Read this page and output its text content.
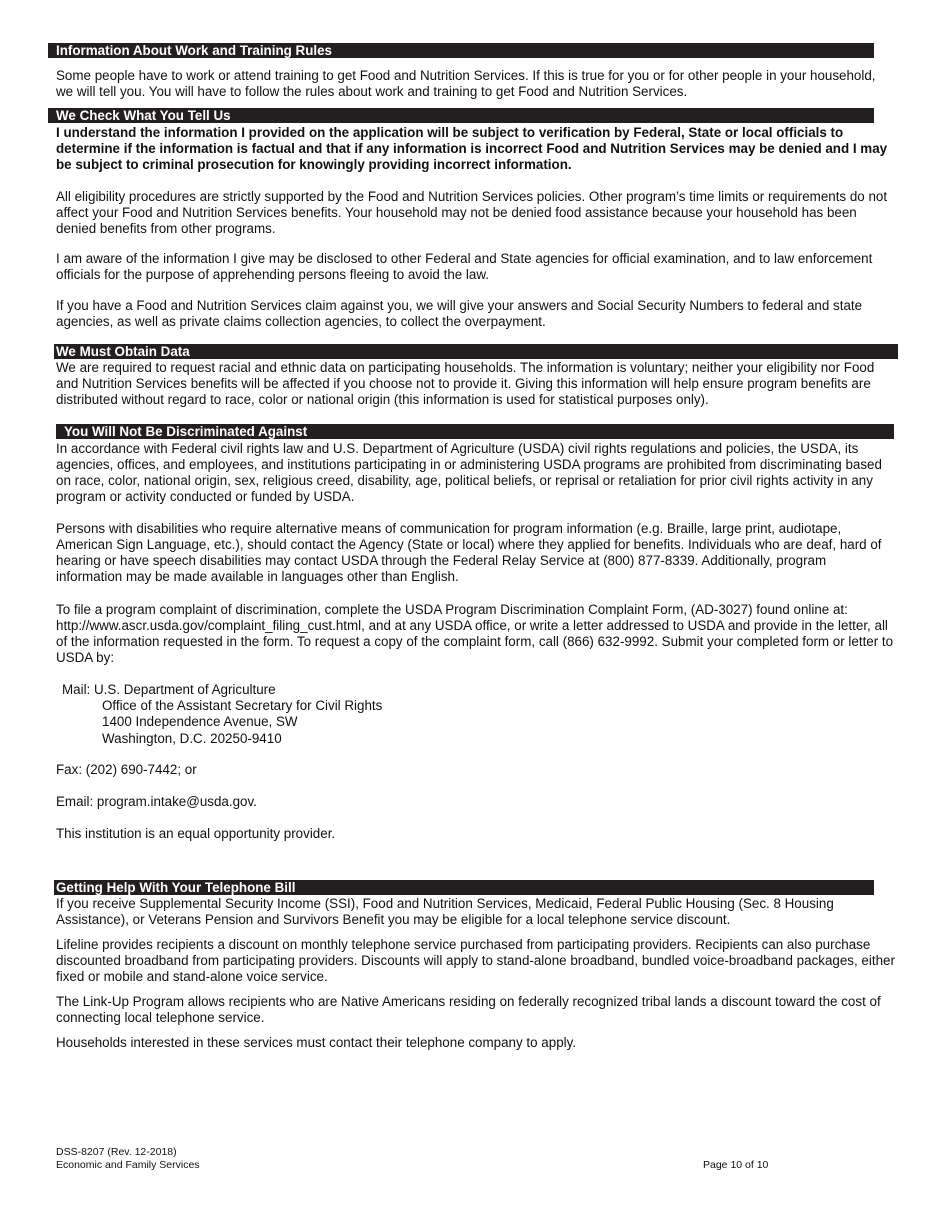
Information About Work and Training Rules

Some people have to work or attend training to get Food and Nutrition Services. If this is true for you or for other people in your household, we will tell you. You will have to follow the rules about work and training to get Food and Nutrition Services.

We Check What You Tell Us

I understand the information I provided on the application will be subject to verification by Federal, State or local officials to determine if the information is factual and that if any information is incorrect Food and Nutrition Services may be denied and I may be subject to criminal prosecution for knowingly providing incorrect information.

All eligibility procedures are strictly supported by the Food and Nutrition Services policies. Other program’s time limits or requirements do not affect your Food and Nutrition Services benefits. Your household may not be denied food assistance because your household has been denied benefits from other programs.

I am aware of the information I give may be disclosed to other Federal and State agencies for official examination, and to law enforcement officials for the purpose of apprehending persons fleeing to avoid the law.

If you have a Food and Nutrition Services claim against you, we will give your answers and Social Security Numbers to federal and state agencies, as well as private claims collection agencies, to collect the overpayment.

We Must Obtain Data

We are required to request racial and ethnic data on participating households. The information is voluntary; neither your eligibility nor Food and Nutrition Services benefits will be affected if you choose not to provide it. Giving this information will help ensure program benefits are distributed without regard to race, color or national origin (this information is used for statistical purposes only).

You Will Not Be Discriminated Against

In accordance with Federal civil rights law and U.S. Department of Agriculture (USDA) civil rights regulations and policies, the USDA, its agencies, offices, and employees, and institutions participating in or administering USDA programs are prohibited from discriminating based on race, color, national origin, sex, religious creed, disability, age, political beliefs, or reprisal or retaliation for prior civil rights activity in any program or activity conducted or funded by USDA.

Persons with disabilities who require alternative means of communication for program information (e.g. Braille, large print, audiotape, American Sign Language, etc.), should contact the Agency (State or local) where they applied for benefits. Individuals who are deaf, hard of hearing or have speech disabilities may contact USDA through the Federal Relay Service at (800) 877-8339. Additionally, program information may be made available in languages other than English.

To file a program complaint of discrimination, complete the USDA Program Discrimination Complaint Form, (AD-3027) found online at: http://www.ascr.usda.gov/complaint_filing_cust.html, and at any USDA office, or write a letter addressed to USDA and provide in the letter, all of the information requested in the form. To request a copy of the complaint form, call (866) 632-9992. Submit your completed form or letter to USDA by:

Mail: U.S. Department of Agriculture
Office of the Assistant Secretary for Civil Rights
1400 Independence Avenue, SW
Washington, D.C. 20250-9410

Fax: (202) 690-7442; or

Email: program.intake@usda.gov.

This institution is an equal opportunity provider.

Getting Help With Your Telephone Bill

If you receive Supplemental Security Income (SSI), Food and Nutrition Services, Medicaid, Federal Public Housing (Sec. 8 Housing Assistance), or Veterans Pension and Survivors Benefit you may be eligible for a local telephone service discount.

Lifeline provides recipients a discount on monthly telephone service purchased from participating providers. Recipients can also purchase discounted broadband from participating providers. Discounts will apply to stand-alone broadband, bundled voice-broadband packages, either fixed or mobile and stand-alone voice service.

The Link-Up Program allows recipients who are Native Americans residing on federally recognized tribal lands a discount toward the cost of connecting local telephone service.

Households interested in these services must contact their telephone company to apply.

DSS-8207 (Rev. 12-2018)
Economic and Family Services	Page 10 of 10
